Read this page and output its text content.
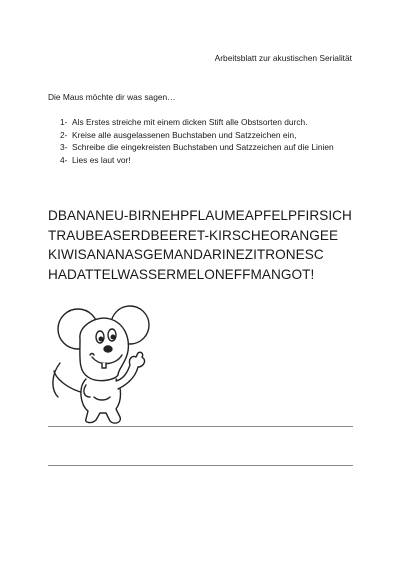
Arbeitsblatt zur akustischen Serialität
Die Maus möchte dir was sagen…
1- Als Erstes streiche mit einem dicken Stift alle Obstsorten durch.
2- Kreise alle ausgelassenen Buchstaben und Satzzeichen ein,
3- Schreibe die eingekreisten Buchstaben und Satzzeichen auf die Linien
4- Lies es laut vor!
DBANANEU-BIRNEHPFLAUMEAPFELPFIRSICH
TRAUBEASERDBEERET-KIRSCHEORANGEE
KIWISANANASGEMANDARINEZITRONESC
HADATTELWASSERMELONEFFMANGOT!
